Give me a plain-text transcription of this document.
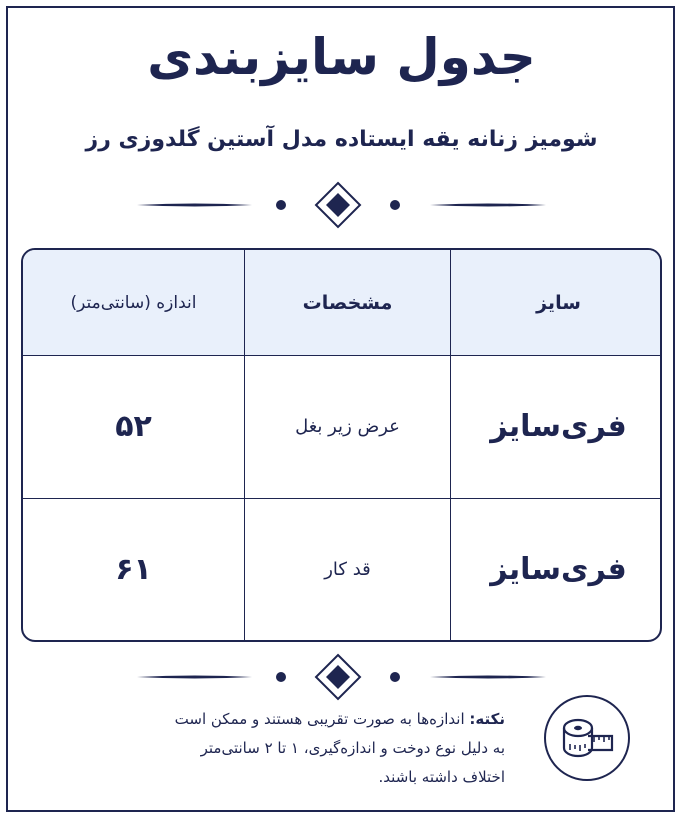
جدول سایزبندی
شومیز زنانه یقه ایستاده مدل آستین گلدوزی رز
سایز	مشخصات	اندازه (سانتی‌متر)
فری‌سایز	عرض زیر بغل	۵۲
فری‌سایز	قد کار	۶۱
نکته: اندازه‌ها به صورت تقریبی هستند و ممکن است به دلیل نوع دوخت و اندازه‌گیری، ۱ تا ۲ سانتی‌متر اختلاف داشته باشند.
